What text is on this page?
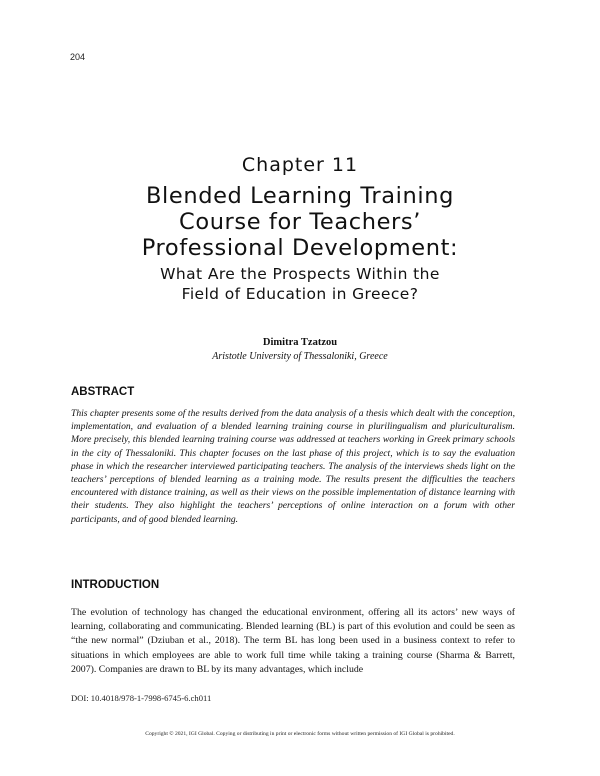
204
Chapter 11
Blended Learning Training
Course for Teachers’
Professional Development:
What Are the Prospects Within the
Field of Education in Greece?
Dimitra Tzatzou
Aristotle University of Thessaloniki, Greece
ABSTRACT
This chapter presents some of the results derived from the data analysis of a thesis which dealt with the conception, implementation, and evaluation of a blended learning training course in plurilingualism and pluriculturalism. More precisely, this blended learning training course was addressed at teachers working in Greek primary schools in the city of Thessaloniki. This chapter focuses on the last phase of this project, which is to say the evaluation phase in which the researcher interviewed participating teachers. The analysis of the interviews sheds light on the teachers’ perceptions of blended learning as a training mode. The results present the difficulties the teachers encountered with distance training, as well as their views on the possible implementation of distance learning with their students. They also highlight the teachers’ perceptions of online interaction on a forum with other participants, and of good blended learning.
INTRODUCTION
The evolution of technology has changed the educational environment, offering all its actors’ new ways of learning, collaborating and communicating. Blended learning (BL) is part of this evolution and could be seen as “the new normal” (Dziuban et al., 2018). The term BL has long been used in a business context to refer to situations in which employees are able to work full time while taking a training course (Sharma & Barrett, 2007). Companies are drawn to BL by its many advantages, which include
DOI: 10.4018/978-1-7998-6745-6.ch011
Copyright © 2021, IGI Global. Copying or distributing in print or electronic forms without written permission of IGI Global is prohibited.
